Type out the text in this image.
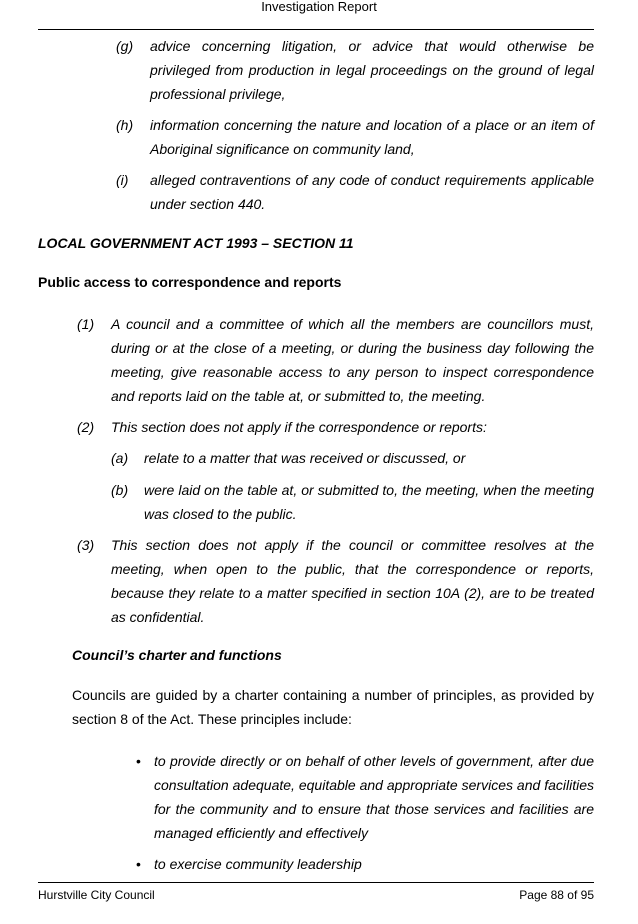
Investigation Report
(g) advice concerning litigation, or advice that would otherwise be privileged from production in legal proceedings on the ground of legal professional privilege,
(h) information concerning the nature and location of a place or an item of Aboriginal significance on community land,
(i) alleged contraventions of any code of conduct requirements applicable under section 440.
LOCAL GOVERNMENT ACT 1993 – SECTION 11
Public access to correspondence and reports
(1) A council and a committee of which all the members are councillors must, during or at the close of a meeting, or during the business day following the meeting, give reasonable access to any person to inspect correspondence and reports laid on the table at, or submitted to, the meeting.
(2) This section does not apply if the correspondence or reports:
(a) relate to a matter that was received or discussed, or
(b) were laid on the table at, or submitted to, the meeting, when the meeting was closed to the public.
(3) This section does not apply if the council or committee resolves at the meeting, when open to the public, that the correspondence or reports, because they relate to a matter specified in section 10A (2), are to be treated as confidential.
Council’s charter and functions
Councils are guided by a charter containing a number of principles, as provided by section 8 of the Act. These principles include:
• to provide directly or on behalf of other levels of government, after due consultation adequate, equitable and appropriate services and facilities for the community and to ensure that those services and facilities are managed efficiently and effectively
• to exercise community leadership
Hurstville City Council	Page 88 of 95
